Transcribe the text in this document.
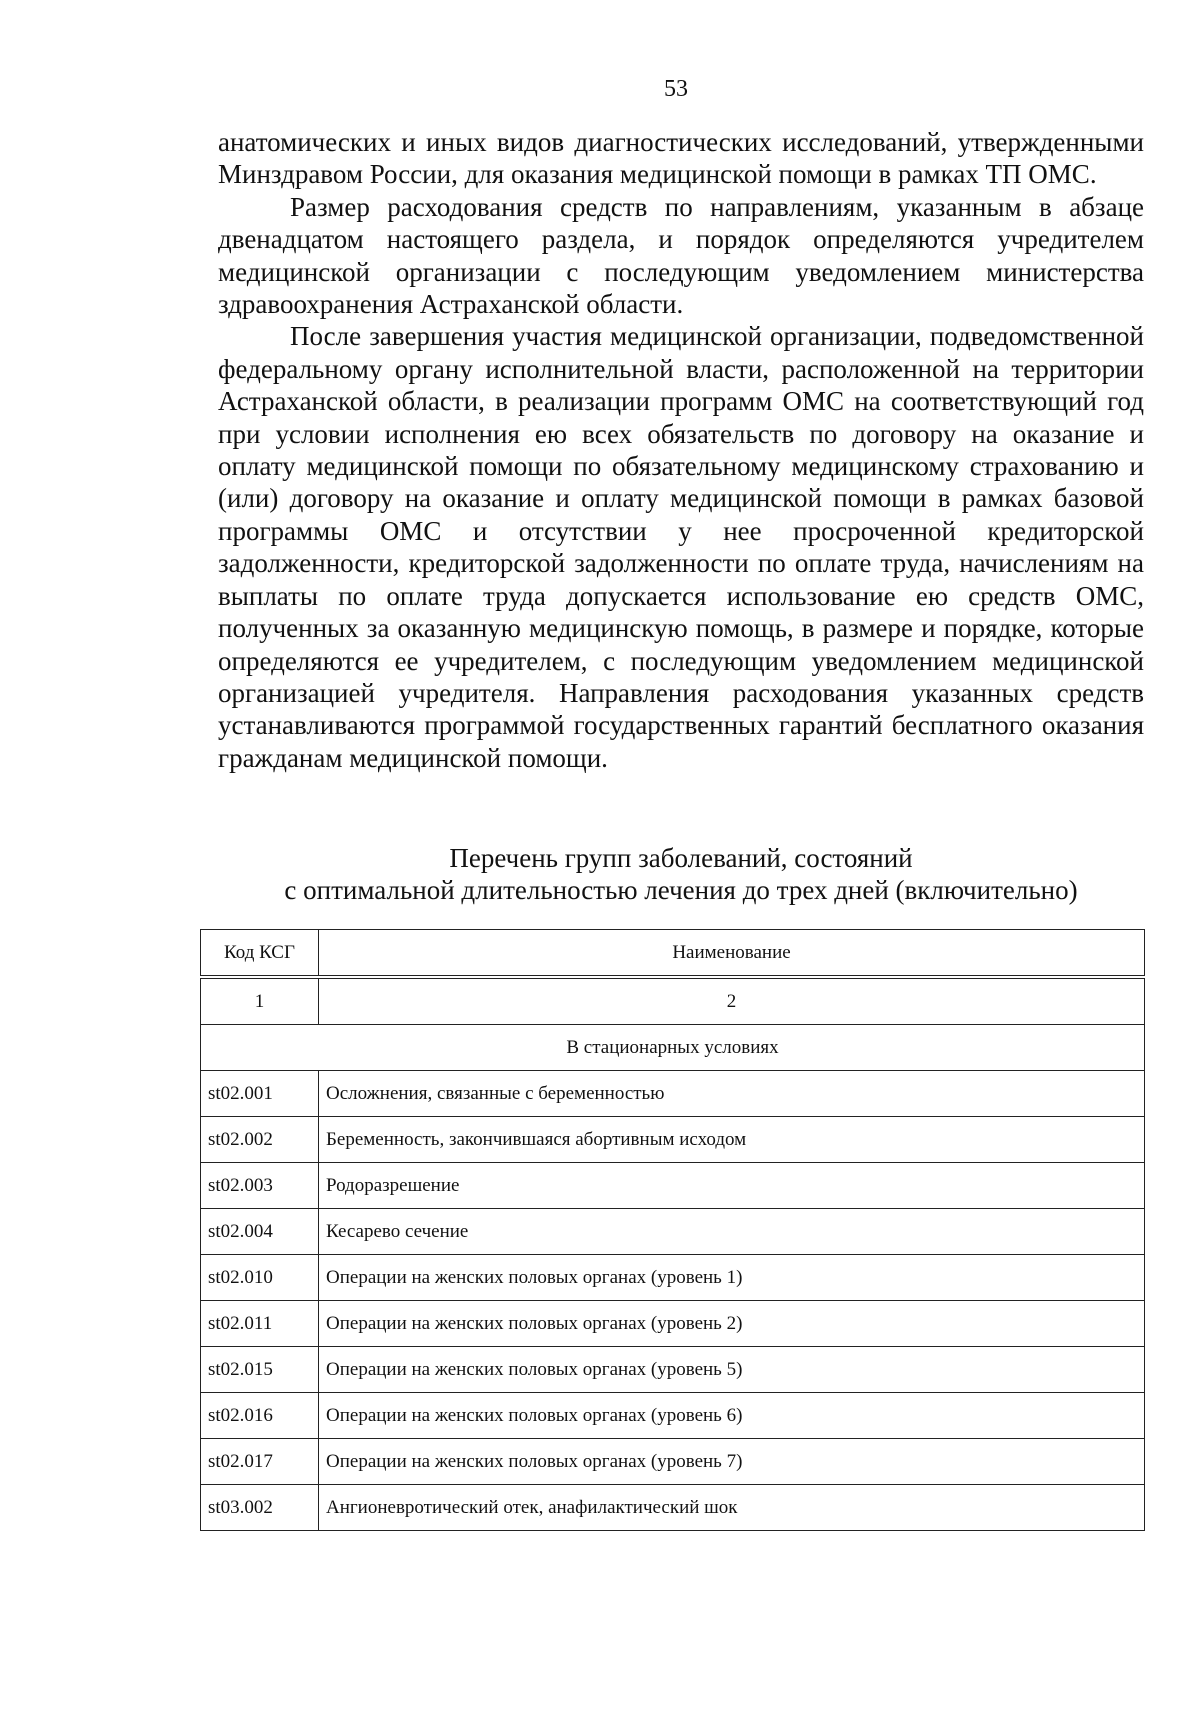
53

анатомических и иных видов диагностических исследований, утвержденными Минздравом России, для оказания медицинской помощи в рамках ТП ОМС.

Размер расходования средств по направлениям, указанным в абзаце двенадцатом настоящего раздела, и порядок определяются учредителем медицинской организации с последующим уведомлением министерства здравоохранения Астраханской области.

После завершения участия медицинской организации, подведомственной федеральному органу исполнительной власти, расположенной на территории Астраханской области, в реализации программ ОМС на соответствующий год при условии исполнения ею всех обязательств по договору на оказание и оплату медицинской помощи по обязательному медицинскому страхованию и (или) договору на оказание и оплату медицинской помощи в рамках базовой программы ОМС и отсутствии у нее просроченной кредиторской задолженности, кредиторской задолженности по оплате труда, начислениям на выплаты по оплате труда допускается использование ею средств ОМС, полученных за оказанную медицинскую помощь, в размере и порядке, которые определяются ее учредителем, с последующим уведомлением медицинской организацией учредителя. Направления расходования указанных средств устанавливаются программой государственных гарантий бесплатного оказания гражданам медицинской помощи.

Перечень групп заболеваний, состояний
с оптимальной длительностью лечения до трех дней (включительно)
Код КСГ	Наименование
1	2
В стационарных условиях	
st02.001	Осложнения, связанные с беременностью
st02.002	Беременность, закончившаяся абортивным исходом
st02.003	Родоразрешение
st02.004	Кесарево сечение
st02.010	Операции на женских половых органах (уровень 1)
st02.011	Операции на женских половых органах (уровень 2)
st02.015	Операции на женских половых органах (уровень 5)
st02.016	Операции на женских половых органах (уровень 6)
st02.017	Операции на женских половых органах (уровень 7)
st03.002	Ангионевротический отек, анафилактический шок
